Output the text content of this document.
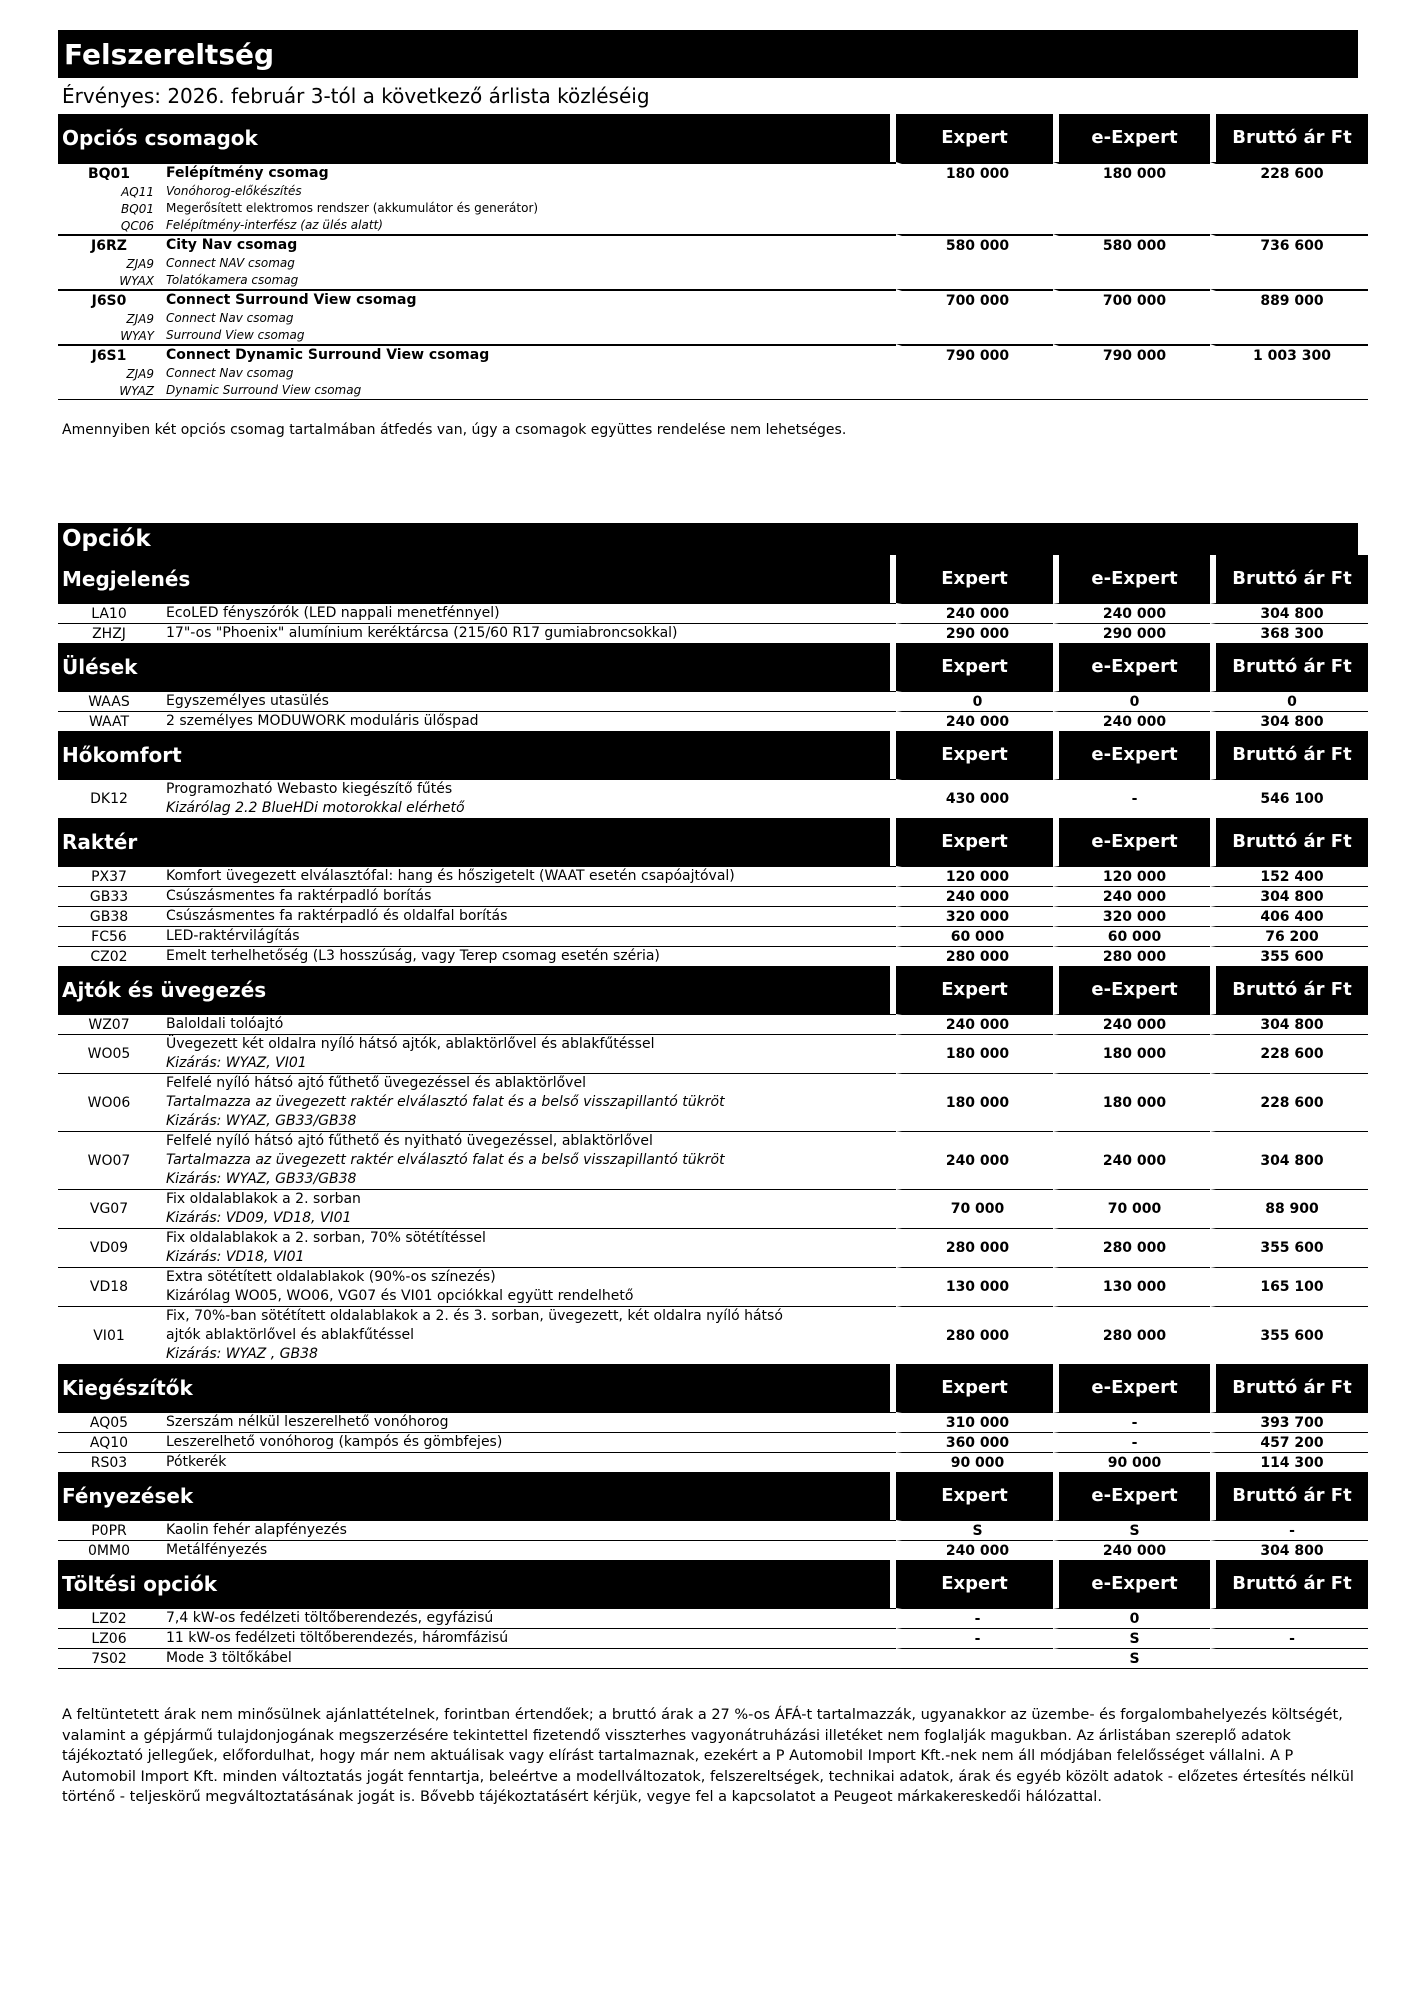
Felszereltség
Érvényes: 2026. február 3-tól a következő árlista közléséig
Opciós csomagok		Expert	e-Expert	Bruttó ár Ft
BQ01	Felépítmény csomag	180 000	180 000	228 600
AQ11	Vonóhorog-előkészítés			
BQ01	Megerősített elektromos rendszer (akkumulátor és generátor)			
QC06	Felépítmény-interfész (az ülés alatt)			
J6RZ	City Nav csomag	580 000	580 000	736 600
ZJA9	Connect NAV csomag			
WYAX	Tolatókamera csomag			
J6S0	Connect Surround View csomag	700 000	700 000	889 000
ZJA9	Connect Nav csomag			
WYAY	Surround View csomag			
J6S1	Connect Dynamic Surround View csomag	790 000	790 000	1 003 300
ZJA9	Connect Nav csomag			
WYAZ	Dynamic Surround View csomag			

Amennyiben két opciós csomag tartalmában átfedés van, úgy a csomagok együttes rendelése nem lehetséges.
Opciók
Megjelenés		Expert	e-Expert	Bruttó ár Ft
LA10	EcoLED fényszórók (LED nappali menetfénnyel)	240 000	240 000	304 800
ZHZJ	17"-os "Phoenix" alumínium keréktárcsa (215/60 R17 gumiabroncsokkal)	290 000	290 000	368 300
Ülések		Expert	e-Expert	Bruttó ár Ft
WAAS	Egyszemélyes utasülés	0	0	0
WAAT	2 személyes MODUWORK moduláris ülőspad	240 000	240 000	304 800
Hőkomfort		Expert	e-Expert	Bruttó ár Ft
DK12	Programozható Webasto kiegészítő fűtés
Kizárólag 2.2 BlueHDi motorokkal elérhető	430 000	-	546 100
Raktér		Expert	e-Expert	Bruttó ár Ft
PX37	Komfort üvegezett elválasztófal: hang és hőszigetelt (WAAT esetén csapóajtóval)	120 000	120 000	152 400
GB33	Csúszásmentes fa raktérpadló borítás	240 000	240 000	304 800
GB38	Csúszásmentes fa raktérpadló és oldalfal borítás	320 000	320 000	406 400
FC56	LED-raktérvilágítás	60 000	60 000	76 200
CZ02	Emelt terhelhetőség (L3 hosszúság, vagy Terep csomag esetén széria)	280 000	280 000	355 600
Ajtók és üvegezés		Expert	e-Expert	Bruttó ár Ft
WZ07	Baloldali tolóajtó	240 000	240 000	304 800
WO05	Üvegezett két oldalra nyíló hátsó ajtók, ablaktörlővel és ablakfűtéssel
Kizárás: WYAZ, VI01	180 000	180 000	228 600
WO06	Felfelé nyíló hátsó ajtó fűthető üvegezéssel és ablaktörlővel
Tartalmazza az üvegezett raktér elválasztó falat és a belső visszapillantó tükröt
Kizárás: WYAZ, GB33/GB38	180 000	180 000	228 600
WO07	Felfelé nyíló hátsó ajtó fűthető és nyitható üvegezéssel, ablaktörlővel
Tartalmazza az üvegezett raktér elválasztó falat és a belső visszapillantó tükröt
Kizárás: WYAZ, GB33/GB38	240 000	240 000	304 800
VG07	Fix oldalablakok a 2. sorban
Kizárás: VD09, VD18, VI01	70 000	70 000	88 900
VD09	Fix oldalablakok a 2. sorban, 70% sötétítéssel
Kizárás: VD18, VI01	280 000	280 000	355 600
VD18	Extra sötétített oldalablakok (90%-os színezés)
Kizárólag WO05, WO06, VG07 és VI01 opciókkal együtt rendelhető	130 000	130 000	165 100
VI01	Fix, 70%-ban sötétített oldalablakok a 2. és 3. sorban, üvegezett, két oldalra nyíló hátsó
ajtók ablaktörlővel és ablakfűtéssel
Kizárás: WYAZ , GB38	280 000	280 000	355 600
Kiegészítők		Expert	e-Expert	Bruttó ár Ft
AQ05	Szerszám nélkül leszerelhető vonóhorog	310 000	-	393 700
AQ10	Leszerelhető vonóhorog (kampós és gömbfejes)	360 000	-	457 200
RS03	Pótkerék	90 000	90 000	114 300
Fényezések		Expert	e-Expert	Bruttó ár Ft
P0PR	Kaolin fehér alapfényezés	S	S	-
0MM0	Metálfényezés	240 000	240 000	304 800
Töltési opciók		Expert	e-Expert	Bruttó ár Ft
LZ02	7,4 kW-os fedélzeti töltőberendezés, egyfázisú	-	0	
LZ06	11 kW-os fedélzeti töltőberendezés, háromfázisú	-	S	-
7S02	Mode 3 töltőkábel		S	

A feltüntetett árak nem minősülnek ajánlattételnek, forintban értendőek; a bruttó árak a 27 %-os ÁFÁ-t tartalmazzák, ugyanakkor az üzembe- és forgalombahelyezés költségét, valamint a gépjármű tulajdonjogának megszerzésére tekintettel fizetendő visszterhes vagyonátruházási illetéket nem foglalják magukban. Az árlistában szereplő adatok tájékoztató jellegűek, előfordulhat, hogy már nem aktuálisak vagy elírást tartalmaznak, ezekért a P Automobil Import Kft.-nek nem áll módjában felelősséget vállalni. A P Automobil Import Kft. minden változtatás jogát fenntartja, beleértve a modellváltozatok, felszereltségek, technikai adatok, árak és egyéb közölt adatok - előzetes értesítés nélkül történő - teljeskörű megváltoztatásának jogát is. Bővebb tájékoztatásért kérjük, vegye fel a kapcsolatot a Peugeot márkakereskedői hálózattal.
